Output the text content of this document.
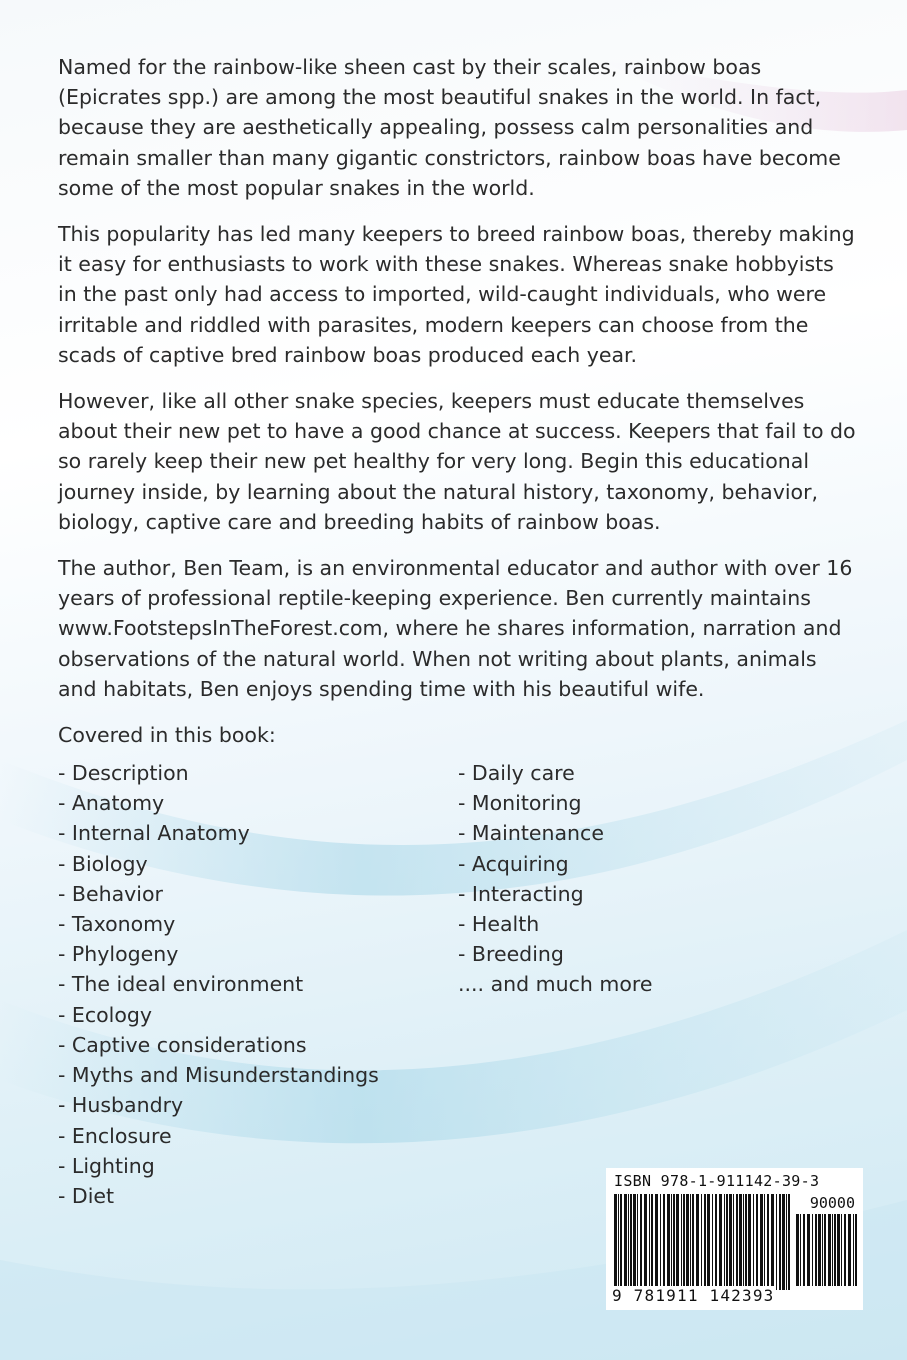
Named for the rainbow-like sheen cast by their scales, rainbow boas (Epicrates spp.) are among the most beautiful snakes in the world. In fact, because they are aesthetically appealing, possess calm personalities and remain smaller than many gigantic constrictors, rainbow boas have become some of the most popular snakes in the world.

This popularity has led many keepers to breed rainbow boas, thereby making it easy for enthusiasts to work with these snakes. Whereas snake hobbyists in the past only had access to imported, wild-caught individuals, who were irritable and riddled with parasites, modern keepers can choose from the scads of captive bred rainbow boas produced each year.

However, like all other snake species, keepers must educate themselves about their new pet to have a good chance at success. Keepers that fail to do so rarely keep their new pet healthy for very long. Begin this educational journey inside, by learning about the natural history, taxonomy, behavior, biology, captive care and breeding habits of rainbow boas.

The author, Ben Team, is an environmental educator and author with over 16 years of professional reptile-keeping experience. Ben currently maintains www.FootstepsInTheForest.com, where he shares information, narration and observations of the natural world. When not writing about plants, animals and habitats, Ben enjoys spending time with his beautiful wife.

Covered in this book:
- Description
- Anatomy
- Internal Anatomy
- Biology
- Behavior
- Taxonomy
- Phylogeny
- The ideal environment
- Ecology
- Captive considerations
- Myths and Misunderstandings
- Husbandry
- Enclosure
- Lighting
- Diet
- Daily care
- Monitoring
- Maintenance
- Acquiring
- Interacting
- Health
- Breeding
.... and much more
ISBN 978-1-911142-39-3
90000
9 781911 142393
